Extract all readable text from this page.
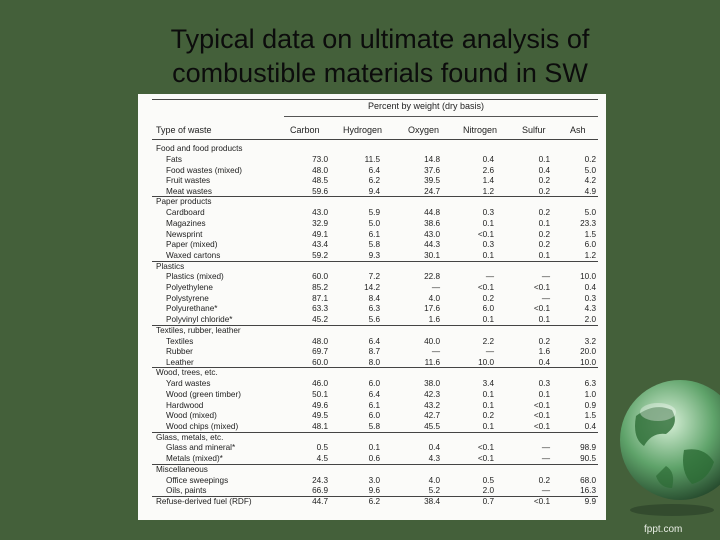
Typical data on ultimate analysis of
combustible materials found in SW
Percent by weight (dry basis)
Type of waste	Carbon	Hydrogen	Oxygen	Nitrogen	Sulfur	Ash
Food and food products
Fats	73.0	11.5	14.8	0.4	0.1	0.2
Food wastes (mixed)	48.0	6.4	37.6	2.6	0.4	5.0
Fruit wastes	48.5	6.2	39.5	1.4	0.2	4.2
Meat wastes	59.6	9.4	24.7	1.2	0.2	4.9
Paper products
Cardboard	43.0	5.9	44.8	0.3	0.2	5.0
Magazines	32.9	5.0	38.6	0.1	0.1	23.3
Newsprint	49.1	6.1	43.0	<0.1	0.2	1.5
Paper (mixed)	43.4	5.8	44.3	0.3	0.2	6.0
Waxed cartons	59.2	9.3	30.1	0.1	0.1	1.2
Plastics
Plastics (mixed)	60.0	7.2	22.8	—	—	10.0
Polyethylene	85.2	14.2	—	<0.1	<0.1	0.4
Polystyrene	87.1	8.4	4.0	0.2	—	0.3
Polyurethane*	63.3	6.3	17.6	6.0	<0.1	4.3
Polyvinyl chloride*	45.2	5.6	1.6	0.1	0.1	2.0
Textiles, rubber, leather
Textiles	48.0	6.4	40.0	2.2	0.2	3.2
Rubber	69.7	8.7	—	—	1.6	20.0
Leather	60.0	8.0	11.6	10.0	0.4	10.0
Wood, trees, etc.
Yard wastes	46.0	6.0	38.0	3.4	0.3	6.3
Wood (green timber)	50.1	6.4	42.3	0.1	0.1	1.0
Hardwood	49.6	6.1	43.2	0.1	<0.1	0.9
Wood (mixed)	49.5	6.0	42.7	0.2	<0.1	1.5
Wood chips (mixed)	48.1	5.8	45.5	0.1	<0.1	0.4
Glass, metals, etc.
Glass and mineral*	0.5	0.1	0.4	<0.1	—	98.9
Metals (mixed)*	4.5	0.6	4.3	<0.1	—	90.5
Miscellaneous
Office sweepings	24.3	3.0	4.0	0.5	0.2	68.0
Oils, paints	66.9	9.6	5.2	2.0	—	16.3
Refuse-derived fuel (RDF)	44.7	6.2	38.4	0.7	<0.1	9.9
fppt.com
